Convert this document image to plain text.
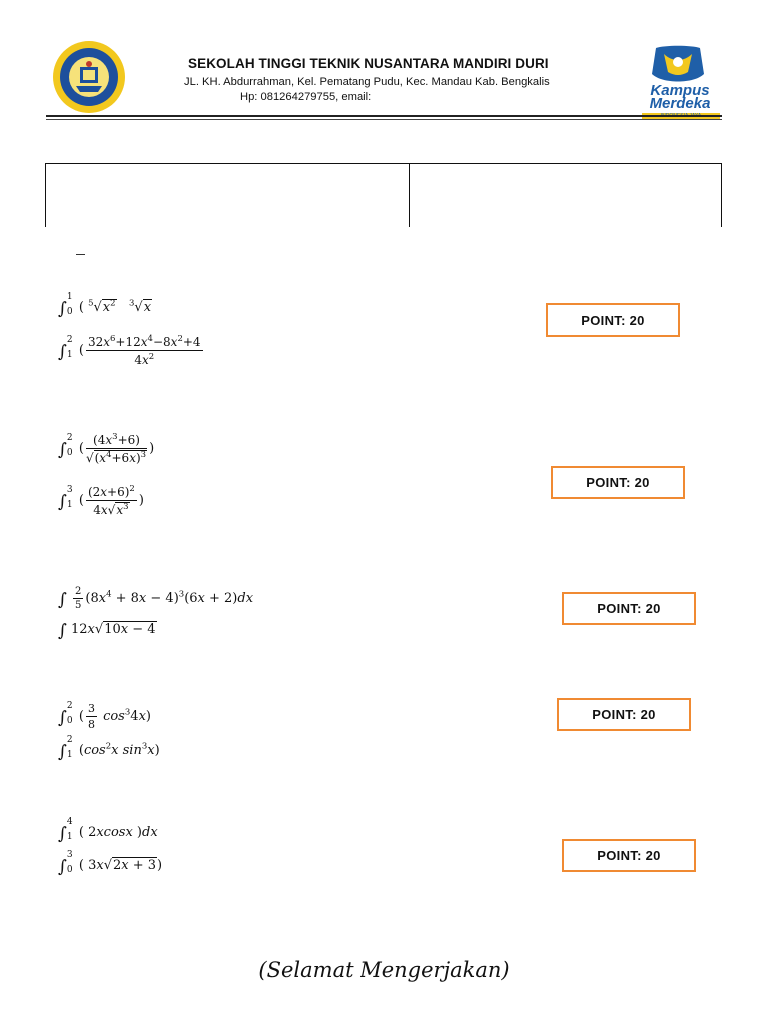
SEKOLAH TINGGI TEKNIK NUSANTARA MANDIRI DURI
JL. KH. Abdurrahman, Kel. Pematang Pudu, Kec. Mandau Kab. Bengkalis
Hp: 081264279755, email:	Kampus Merdeka
∫
1
0 ( $^5√x^2$ $^3$√x
∫
2
1 ( $\frac{32x^6+12x^4-8x^2+4}{4x^2}$
POINT: 20
∫
2
0 ( $\frac{(4x^3+6)}{√(x^4+6x)^3}$ )
∫
3
1 ( $\frac{(2x+6)^2}{4x√x^3}$ )
POINT: 20
∫ $\frac{2}{5} (8x^4 + 8x - 4)^3(6x + 2)dx$
∫ 12x√10x − 4
POINT: 20
∫
2
0 ( $\frac{3}{8} \cos^34x$)
∫
2
1 ($\cos^2x$ $\sin^3x$)
POINT: 20
∫
4
1 ( 2xcosx )dx
∫
3
0 ( 3x√2x + 3)
POINT: 20
(Selamat Mengerjakan)
